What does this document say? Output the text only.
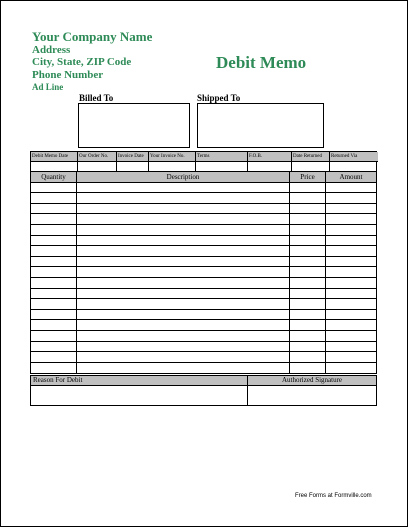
Your Company Name
Address
City, State, ZIP Code
Phone Number
Ad Line
Debit Memo
Billed To	Shipped To
Debit Memo Date	Our Order No.	Invoice Date	Your Invoice No.	Terms	F.O.B.	Date Returned	Returned Via
Quantity	Description	Price	Amount
Reason For Debit	Authorized Signature
Free Forms at Formville.com
